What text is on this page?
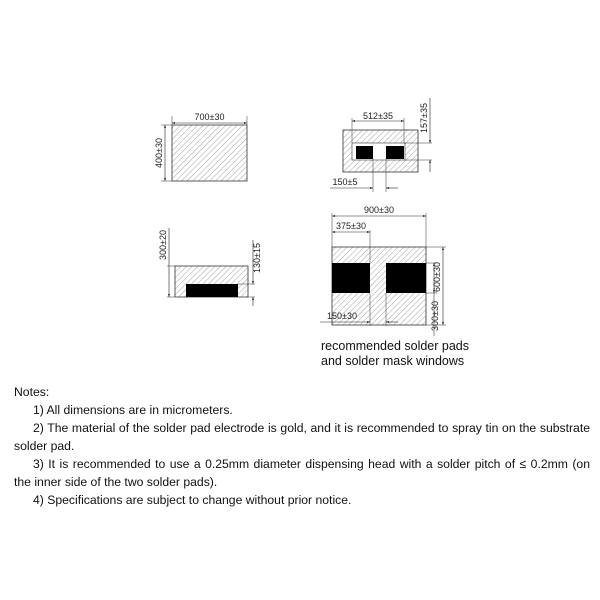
700±30
400±30
512±35	157±35
150±5
300±20	130±15
900±30
375±30
600±30
300±30
150±30
recommended solder pads
and solder mask windows

Notes:

1) All dimensions are in micrometers.

2) The material of the solder pad electrode is gold, and it is recommended to spray tin on the substrate solder pad.

3) It is recommended to use a 0.25mm diameter dispensing head with a solder pitch of ≤ 0.2mm (on the inner side of the two solder pads).

4) Specifications are subject to change without prior notice.
